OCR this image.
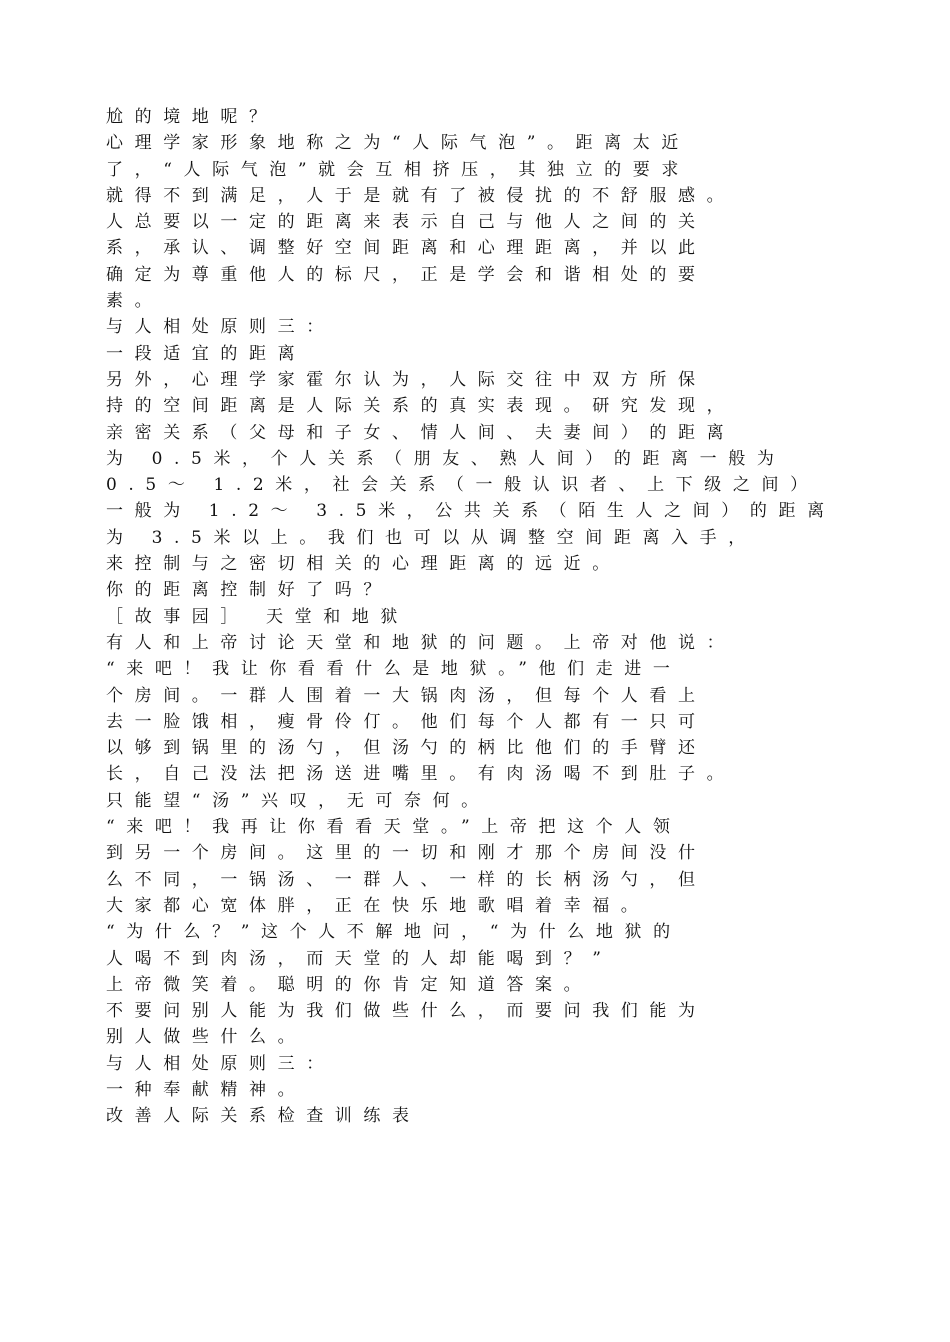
尬的境地呢？
心理学家形象地称之为“人际气泡”。距离太近
了，“人际气泡”就会互相挤压，其独立的要求
就得不到满足，人于是就有了被侵扰的不舒服感。
人总要以一定的距离来表示自己与他人之间的关
系，承认、调整好空间距离和心理距离，并以此
确定为尊重他人的标尺，正是学会和谐相处的要
素。
与人相处原则三：
一段适宜的距离
另外，心理学家霍尔认为，人际交往中双方所保
持的空间距离是人际关系的真实表现。研究发现，
亲密关系（父母和子女、情人间、夫妻间）的距离
为 0.5米，个人关系（朋友、熟人间）的距离一般为
0.5～ 1.2米，社会关系（一般认识者、上下级之间）
一般为 1.2～ 3.5米，公共关系（陌生人之间）的距离
为 3.5米以上。我们也可以从调整空间距离入手，
来控制与之密切相关的心理距离的远近。
你的距离控制好了吗？
［故事园］ 天堂和地狱
有人和上帝讨论天堂和地狱的问题。上帝对他说：
“来吧！我让你看看什么是地狱。”他们走进一
个房间。一群人围着一大锅肉汤，但每个人看上
去一脸饿相，瘦骨伶仃。他们每个人都有一只可
以够到锅里的汤勺，但汤勺的柄比他们的手臂还
长，自己没法把汤送进嘴里。有肉汤喝不到肚子。
只能望“汤”兴叹，无可奈何。
“来吧！我再让你看看天堂。”上帝把这个人领
到另一个房间。这里的一切和刚才那个房间没什
么不同，一锅汤、一群人、一样的长柄汤勺，但
大家都心宽体胖，正在快乐地歌唱着幸福。
“为什么？”这个人不解地问，“为什么地狱的
人喝不到肉汤，而天堂的人却能喝到？”
上帝微笑着。聪明的你肯定知道答案。
不要问别人能为我们做些什么，而要问我们能为
别人做些什么。
与人相处原则三：
一种奉献精神。
改善人际关系检查训练表
